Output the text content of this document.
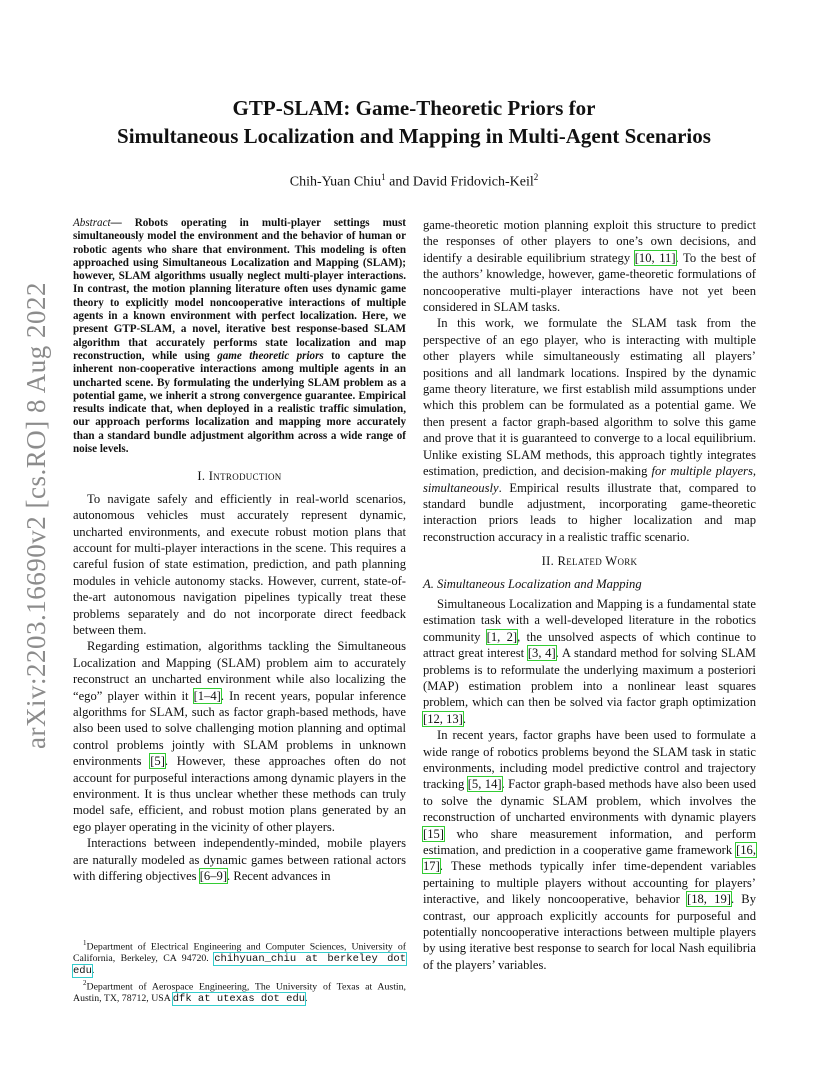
arXiv:2203.16690v2 [cs.RO] 8 Aug 2022
GTP-SLAM: Game-Theoretic Priors for
Simultaneous Localization and Mapping in Multi-Agent Scenarios
Chih-Yuan Chiu$^1$ and David Fridovich-Keil$^2$

Abstract— Robots operating in multi-player settings must simultaneously model the environment and the behavior of human or robotic agents who share that environment. This modeling is often approached using Simultaneous Localization and Mapping (SLAM); however, SLAM algorithms usually neglect multi-player interactions. In contrast, the motion planning literature often uses dynamic game theory to explicitly model noncooperative interactions of multiple agents in a known environment with perfect localization. Here, we present GTP-SLAM, a novel, iterative best response-based SLAM algorithm that accurately performs state localization and map reconstruction, while using game theoretic priors to capture the inherent non-cooperative interactions among multiple agents in an uncharted scene. By formulating the underlying SLAM problem as a potential game, we inherit a strong convergence guarantee. Empirical results indicate that, when deployed in a realistic traffic simulation, our approach performs localization and mapping more accurately than a standard bundle adjustment algorithm across a wide range of noise levels.

I. Introduction

To navigate safely and efficiently in real-world scenarios, autonomous vehicles must accurately represent dynamic, uncharted environments, and execute robust motion plans that account for multi-player interactions in the scene. This requires a careful fusion of state estimation, prediction, and path planning modules in vehicle autonomy stacks. However, current, state-of-the-art autonomous navigation pipelines typically treat these problems separately and do not incorporate direct feedback between them.

Regarding estimation, algorithms tackling the Simultaneous Localization and Mapping (SLAM) problem aim to accurately reconstruct an uncharted environment while also localizing the “ego” player within it [1–4]. In recent years, popular inference algorithms for SLAM, such as factor graph-based methods, have also been used to solve challenging motion planning and optimal control problems jointly with SLAM problems in unknown environments [5]. However, these approaches often do not account for purposeful interactions among dynamic players in the environment. It is thus unclear whether these methods can truly model safe, efficient, and robust motion plans generated by an ego player operating in the vicinity of other players.

Interactions between independently-minded, mobile players are naturally modeled as dynamic games between rational actors with differing objectives [6–9]. Recent advances in

$^1$Department of Electrical Engineering and Computer Sciences, University of California, Berkeley, CA 94720. chihyuan_chiu at berkeley dot edu.

$^2$Department of Aerospace Engineering, The University of Texas at Austin, Austin, TX, 78712, USA dfk at utexas dot edu.

game-theoretic motion planning exploit this structure to predict the responses of other players to one’s own decisions, and identify a desirable equilibrium strategy [10, 11]. To the best of the authors’ knowledge, however, game-theoretic formulations of noncooperative multi-player interactions have not yet been considered in SLAM tasks.

In this work, we formulate the SLAM task from the perspective of an ego player, who is interacting with multiple other players while simultaneously estimating all players’ positions and all landmark locations. Inspired by the dynamic game theory literature, we first establish mild assumptions under which this problem can be formulated as a potential game. We then present a factor graph-based algorithm to solve this game and prove that it is guaranteed to converge to a local equilibrium. Unlike existing SLAM methods, this approach tightly integrates estimation, prediction, and decision-making for multiple players, simultaneously. Empirical results illustrate that, compared to standard bundle adjustment, incorporating game-theoretic interaction priors leads to higher localization and map reconstruction accuracy in a realistic traffic scenario.

II. Related Work
A. Simultaneous Localization and Mapping

Simultaneous Localization and Mapping is a fundamental state estimation task with a well-developed literature in the robotics community [1, 2], the unsolved aspects of which continue to attract great interest [3, 4]. A standard method for solving SLAM problems is to reformulate the underlying maximum a posteriori (MAP) estimation problem into a nonlinear least squares problem, which can then be solved via factor graph optimization [12, 13].

In recent years, factor graphs have been used to formulate a wide range of robotics problems beyond the SLAM task in static environments, including model predictive control and trajectory tracking [5, 14]. Factor graph-based methods have also been used to solve the dynamic SLAM problem, which involves the reconstruction of uncharted environments with dynamic players [15] who share measurement information, and perform estimation, and prediction in a cooperative game framework [16, 17]. These methods typically infer time-dependent variables pertaining to multiple players without accounting for players’ interactive, and likely noncooperative, behavior [18, 19]. By contrast, our approach explicitly accounts for purposeful and potentially noncooperative interactions between multiple players by using iterative best response to search for local Nash equilibria of the players’ variables.
